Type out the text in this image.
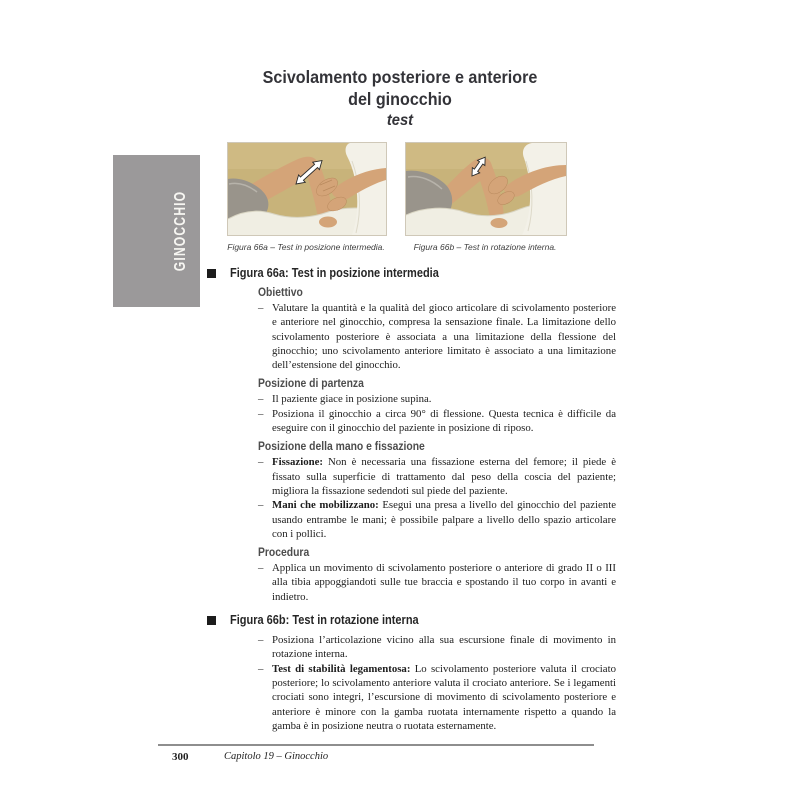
Scivolamento posteriore e anteriore
del ginocchio
test
GINOCCHIO	Figura 66a – Test in posizione intermedia.	Figura 66b – Test in rotazione interna.
Figura 66a: Test in posizione intermedia
Obiettivo

– Valutare la quantità e la qualità del gioco articolare di scivolamento posteriore e anteriore nel ginocchio, compresa la sensazione finale. La limitazione dello scivolamento posteriore è associata a una limitazione della flessione del ginocchio; uno scivolamento anteriore limitato è associato a una limitazione dell’estensione del ginocchio.

Posizione di partenza

– Il paziente giace in posizione supina.

– Posiziona il ginocchio a circa 90° di flessione. Questa tecnica è difficile da eseguire con il ginocchio del paziente in posizione di riposo.

Posizione della mano e fissazione

– Fissazione: Non è necessaria una fissazione esterna del femore; il piede è fissato sulla superficie di trattamento dal peso della coscia del paziente; migliora la fissazione sedendoti sul piede del paziente.

– Mani che mobilizzano: Esegui una presa a livello del ginocchio del paziente usando entrambe le mani; è possibile palpare a livello dello spazio articolare con i pollici.

Procedura

– Applica un movimento di scivolamento posteriore o anteriore di grado II o III alla tibia appoggiandoti sulle tue braccia e spostando il tuo corpo in avanti e indietro.

Figura 66b: Test in rotazione interna

– Posiziona l’articolazione vicino alla sua escursione finale di movimento in rotazione interna.

– Test di stabilità legamentosa: Lo scivolamento posteriore valuta il crociato posteriore; lo scivolamento anteriore valuta il crociato anteriore. Se i legamenti crociati sono integri, l’escursione di movimento di scivolamento posteriore e anteriore è minore con la gamba ruotata internamente rispetto a quando la gamba è in posizione neutra o ruotata esternamente.

300	Capitolo 19 – Ginocchio
